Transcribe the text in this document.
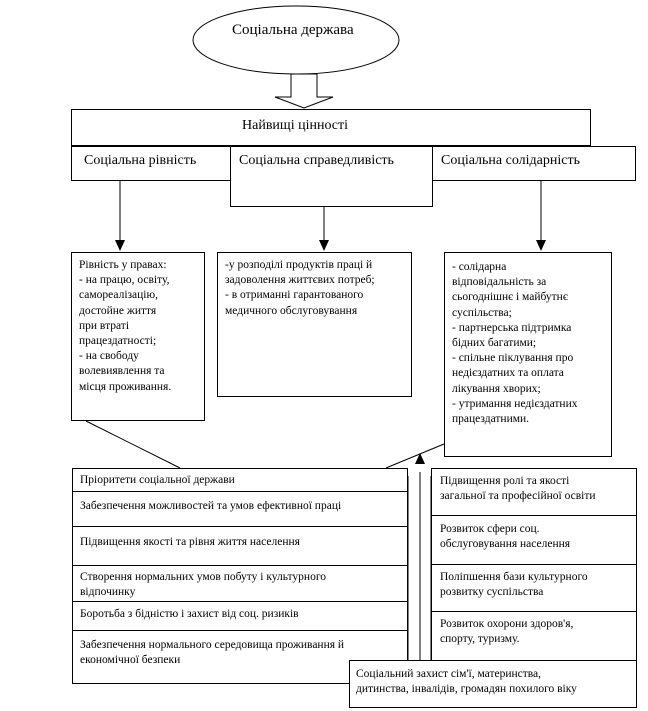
Соціальна держава
Найвищі цінності
Соціальна рівність	Соціальна справедливість	Соціальна солідарність
Рівність у правах:
- на працю, освіту,
самореалізацію,
достойне життя
при втраті
працездатності;
- на свободу
волевиявлення та
місця проживання.
-у розподілі продуктів праці й
задоволення життєвих потреб;
- в отриманні гарантованого
медичного обслуговування
- солідарна
відповідальність за
сьогоднішнє і майбутнє
суспільства;
- партнерська підтримка
бідних багатими;
- спільне піклування про
недієздатних та оплата
лікування хворих;
- утримання недієздатних
працездатними.
Пріоритети соціальної держави
Забезпечення можливостей та умов ефективної праці
Підвищення якості та рівня життя населення
Створення нормальних умов побуту і культурного
відпочинку
Боротьба з бідністю і захист від соц. ризиків
Забезпечення нормального середовища проживання й
економічної безпеки
Підвищення ролі та якості
загальної та професійної освіти
Розвиток сфери соц.
обслуговування населення
Поліпшення бази культурного
розвитку суспільства
Розвиток охорони здоров'я,
спорту, туризму.
Соціальний захист сім'ї, материнства,
дитинства, інвалідів, громадян похилого віку
